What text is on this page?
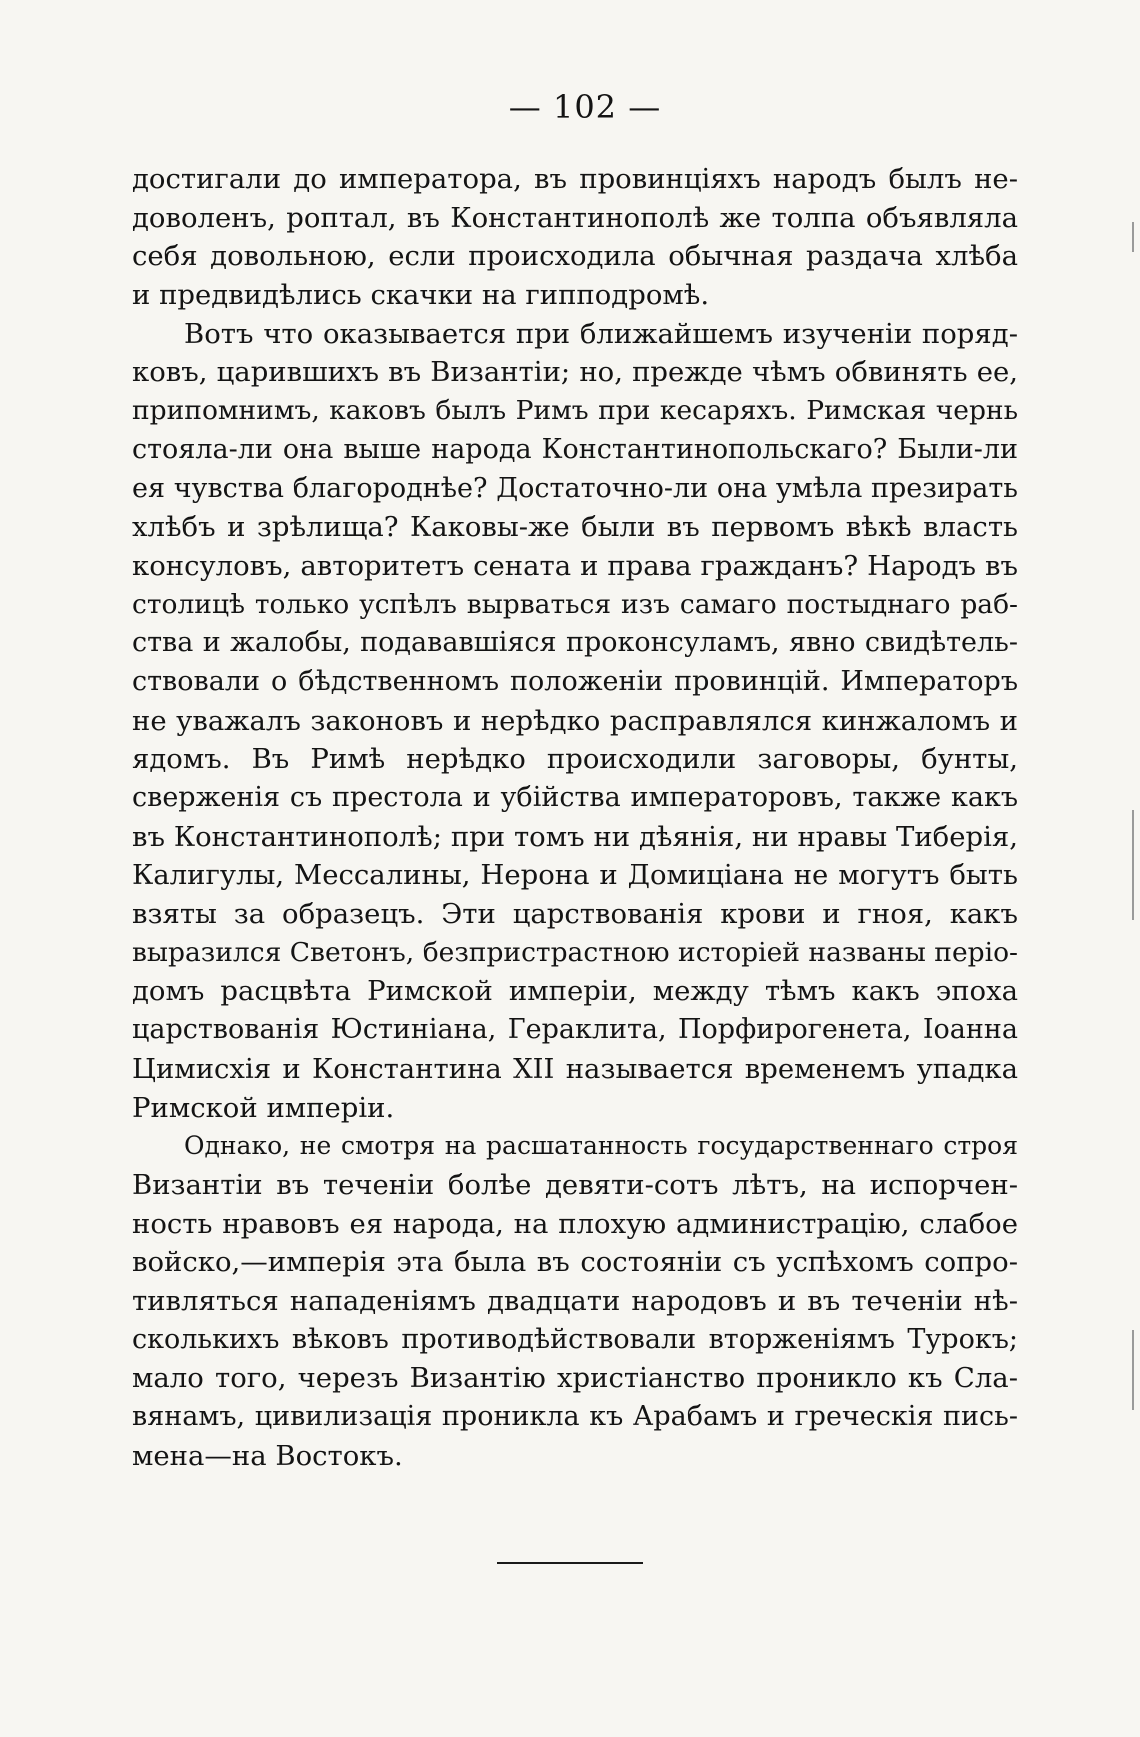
— 102 —
достигали до императора, въ провинціяхъ народъ былъ не-
доволенъ, роптал, въ Константинополѣ же толпа объявляла
себя довольною, если происходила обычная раздача хлѣба
и предвидѣлись скачки на гипподромѣ.
Вотъ что оказывается при ближайшемъ изученіи поряд-
ковъ, царившихъ въ Византіи; но, прежде чѣмъ обвинять ее,
припомнимъ, каковъ былъ Римъ при кесаряхъ. Римская чернь
стояла-ли она выше народа Константинопольскаго? Были-ли
ея чувства благороднѣе? Достаточно-ли она умѣла презирать
хлѣбъ и зрѣлища? Каковы-же были въ первомъ вѣкѣ власть
консуловъ, авторитетъ сената и права гражданъ? Народъ въ
столицѣ только успѣлъ вырваться изъ самаго постыднаго раб-
ства и жалобы, подававшіяся проконсуламъ, явно свидѣтель-
ствовали о бѣдственномъ положеніи провинцій. Императоръ
не уважалъ законовъ и нерѣдко расправлялся кинжаломъ и
ядомъ. Въ Римѣ нерѣдко происходили заговоры, бунты,
сверженія съ престола и убійства императоровъ, также какъ
въ Константинополѣ; при томъ ни дѣянія, ни нравы Тиберія,
Калигулы, Мессалины, Нерона и Домиціана не могутъ быть
взяты за образецъ. Эти царствованія крови и гноя, какъ
выразился Светонъ, безпристрастною исторіей названы періо-
домъ расцвѣта Римской имперіи, между тѣмъ какъ эпоха
царствованія Юстиніана, Гераклита, Порфирогенета, Іоанна
Цимисхія и Константина XII называется временемъ упадка
Римской имперіи.
Однако, не смотря на расшатанность государственнаго строя
Византіи въ теченіи болѣе девяти-сотъ лѣтъ, на испорчен-
ность нравовъ ея народа, на плохую администрацію, слабое
войско,—имперія эта была въ состояніи съ успѣхомъ сопро-
тивляться нападеніямъ двадцати народовъ и въ теченіи нѣ-
сколькихъ вѣковъ противодѣйствовали вторженіямъ Турокъ;
мало того, черезъ Византію христіанство проникло къ Сла-
вянамъ, цивилизація проникла къ Арабамъ и греческія пись-
мена—на Востокъ.
